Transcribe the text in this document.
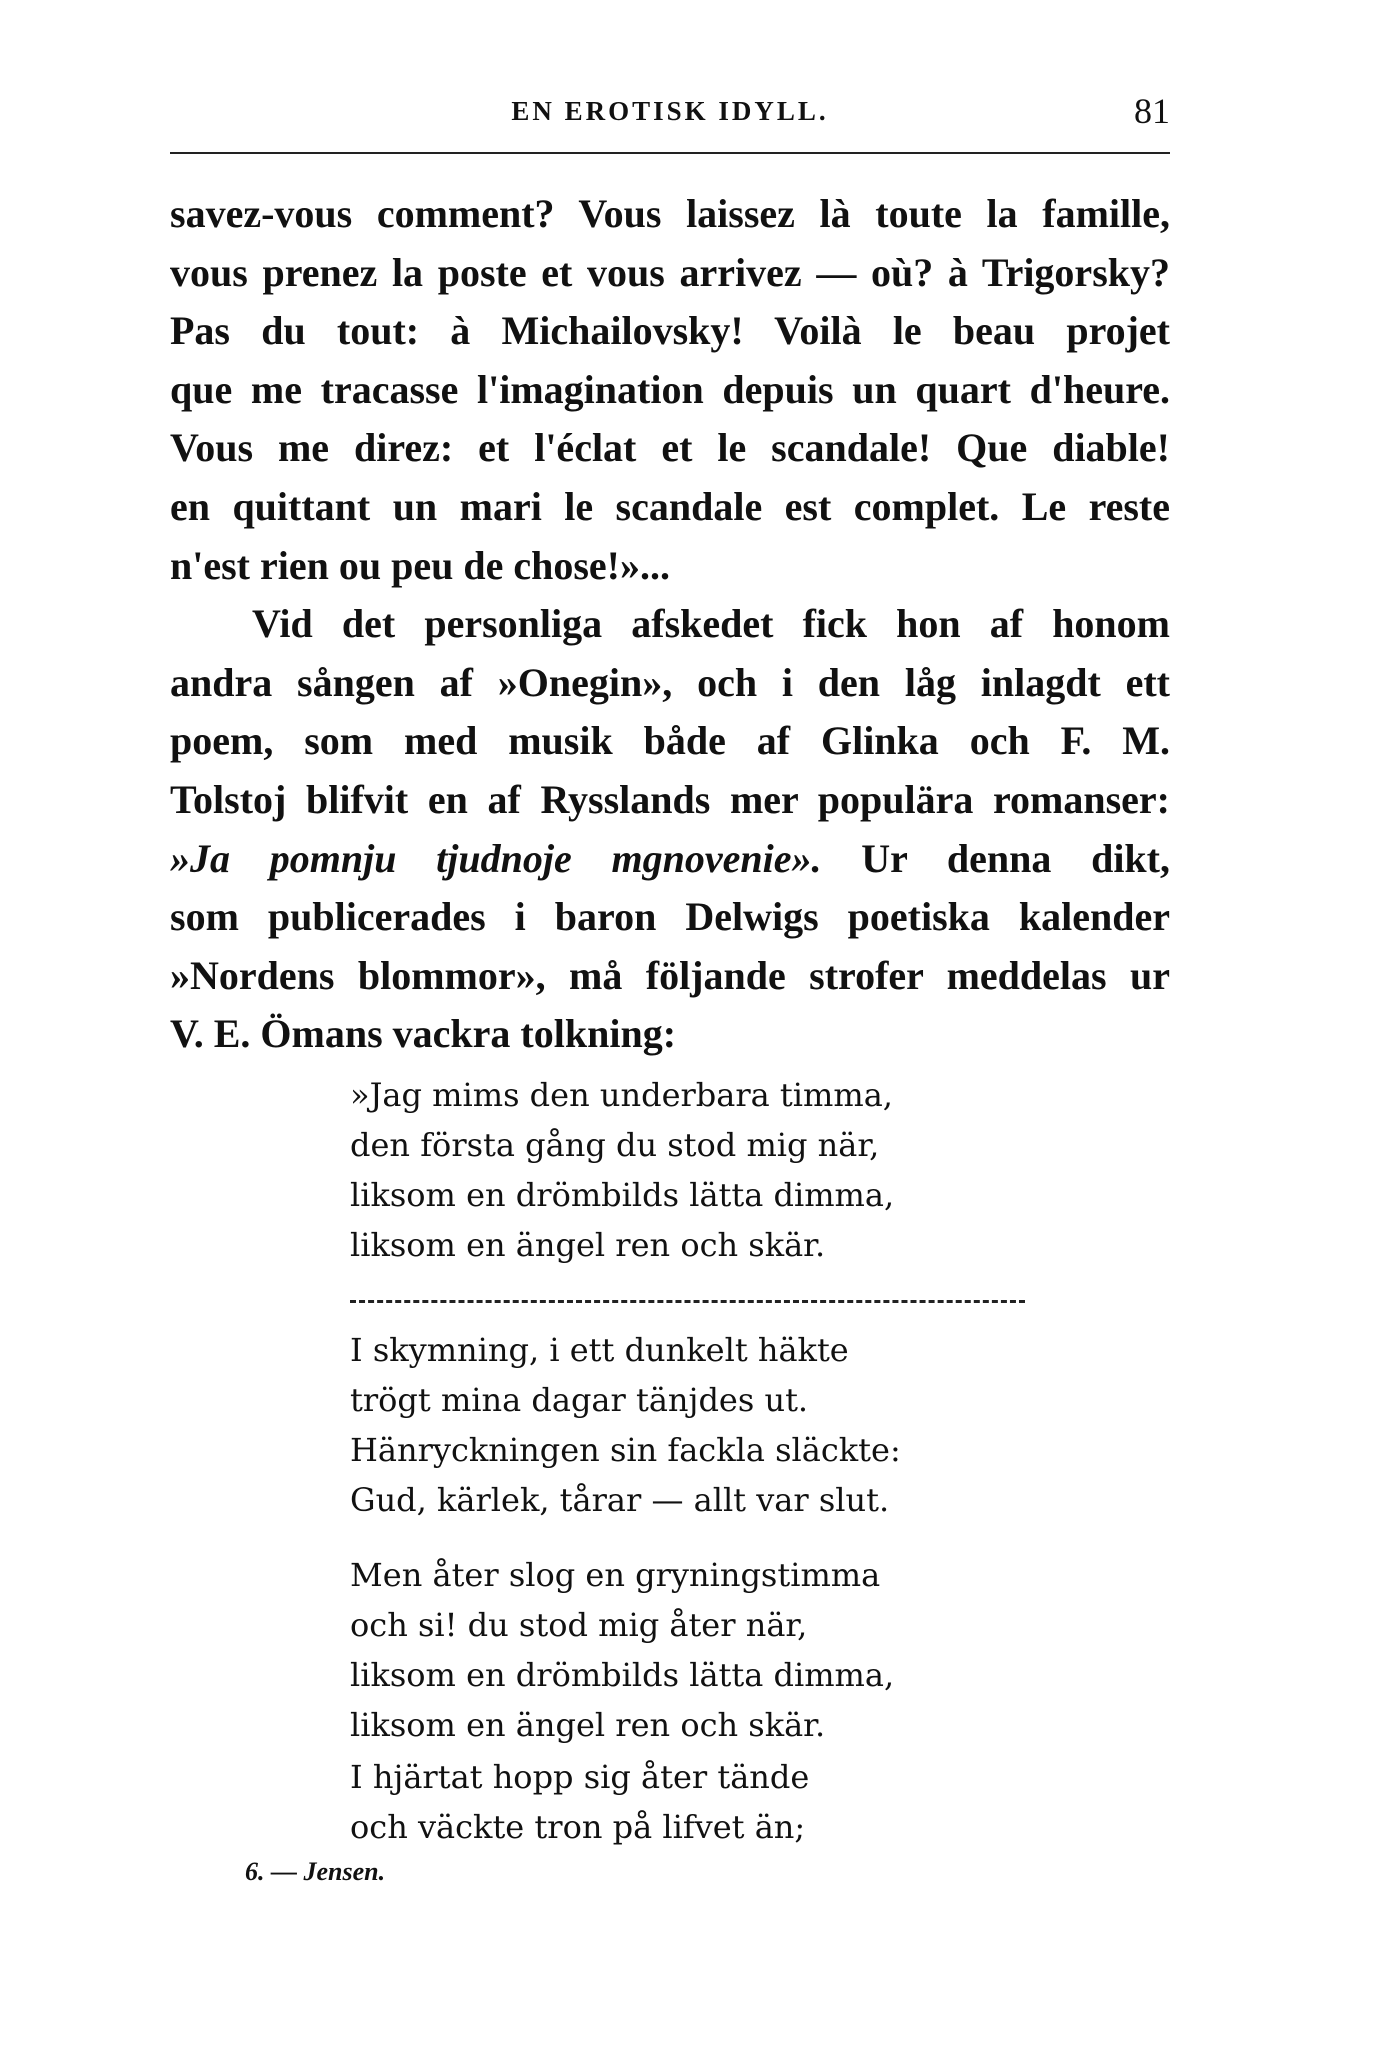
EN EROTISK IDYLL.	81
savez-vous comment? Vous laissez là toute la famille,
vous prenez la poste et vous arrivez — où? à Trigorsky?
Pas du tout: à Michailovsky! Voilà le beau projet
que me tracasse l'imagination depuis un quart d'heure.
Vous me direz: et l'éclat et le scandale! Que diable!
en quittant un mari le scandale est complet. Le reste
n'est rien ou peu de chose!»...
Vid det personliga afskedet fick hon af honom
andra sången af »Onegin», och i den låg inlagdt ett
poem, som med musik både af Glinka och F. M.
Tolstoj blifvit en af Rysslands mer populära romanser:
»Ja pomnju tjudnoje mgnovenie». Ur denna dikt,
som publicerades i baron Delwigs poetiska kalender
»Nordens blommor», må följande strofer meddelas ur
V. E. Ömans vackra tolkning:
»Jag mims den underbara timma,
den första gång du stod mig när,
liksom en drömbilds lätta dimma,
liksom en ängel ren och skär.
I skymning, i ett dunkelt häkte
trögt mina dagar tänjdes ut.
Hänryckningen sin fackla släckte:
Gud, kärlek, tårar — allt var slut.
Men åter slog en gryningstimma
och si! du stod mig åter när,
liksom en drömbilds lätta dimma,
liksom en ängel ren och skär.
I hjärtat hopp sig åter tände
och väckte tron på lifvet än;
6. — Jensen.
